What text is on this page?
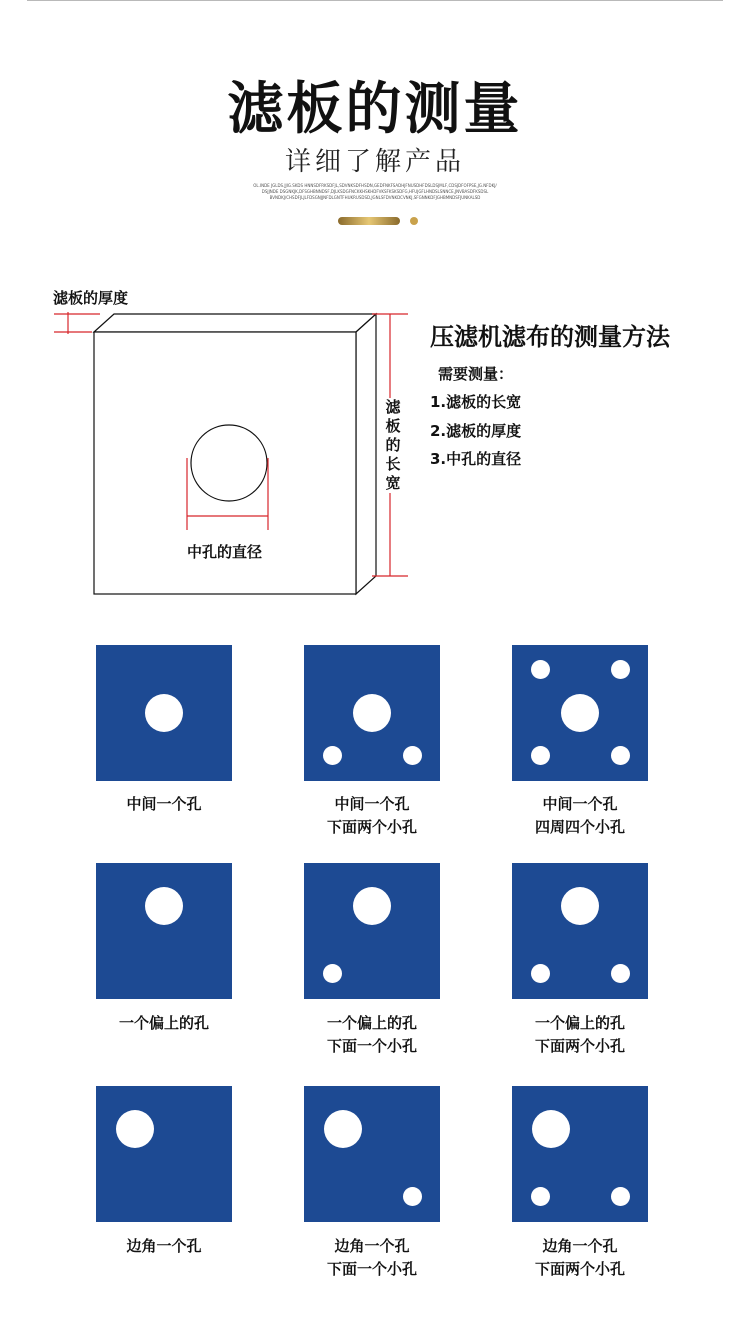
滤板的测量
详细了解产品
OL.INDE JGLDS.JJIG.SKDS HNNSDFRKSDFJL,SDVNKSDFHSDN,GEDFNKFSADHJFNUSDHFDSLDSJMLF,CDSJDFOFPSE,JG.NFDKJ/
DSJJNDE DSGNKJK,DFSGHBNNDSF,DJLKSDGFNCKKHSKHDFVKSFKSKSDFG,HFUJGFLHNDSLSNNCE,JNVBASDFKSDSL
BVNDKJ/CHSDFJLJLFDSGNJJNFDLGNTFHUKRUSDSD,JGNLSFDVNKDCVNKJ,SFGNNKDFJGHBMNDSFJUNKALSD
滤板的厚度
中孔的直径
滤板的长宽
压滤机滤布的测量方法
需要测量：
1.滤板的长宽
2.滤板的厚度
3.中孔的直径
中间一个孔	中间一个孔
下面两个小孔
中间一个孔
四周四个小孔
一个偏上的孔	一个偏上的孔
下面一个小孔
一个偏上的孔
下面两个小孔
边角一个孔	边角一个孔
下面一个小孔
边角一个孔
下面两个小孔
